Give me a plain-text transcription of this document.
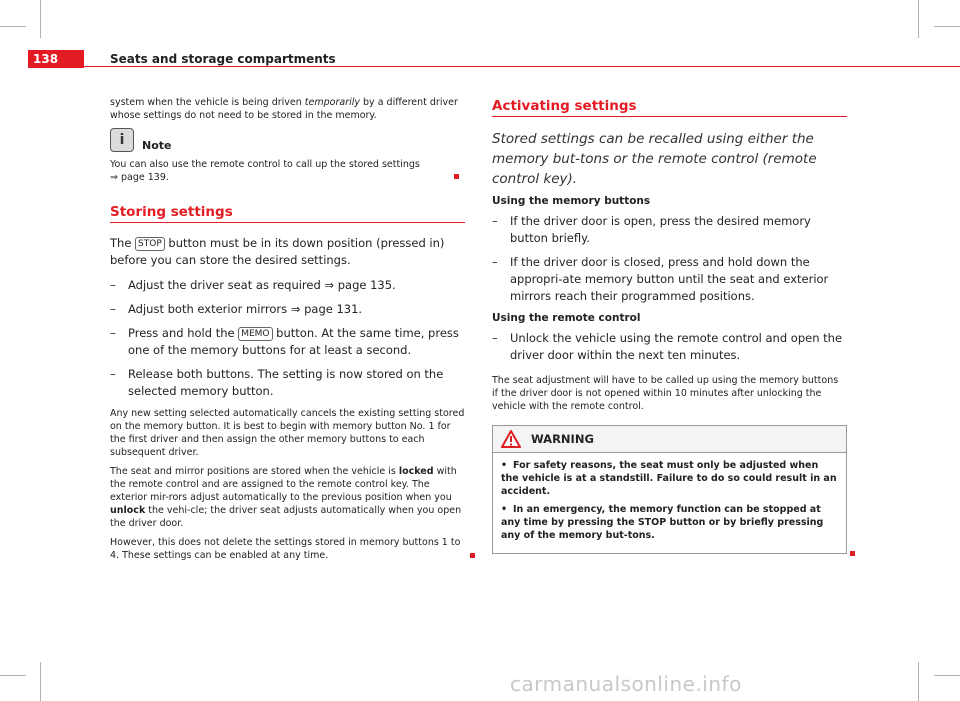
138	Seats and storage compartments

system when the vehicle is being driven temporarily by a different driver whose settings do not need to be stored in the memory.

i	Note

You can also use the remote control to call up the stored settings
⇒ page 139.

Storing settings

The STOP button must be in its down position (pressed in) before you can store the desired settings.

–	Adjust the driver seat as required ⇒ page 135.
–	Adjust both exterior mirrors ⇒ page 131.
–	Press and hold the MEMO button. At the same time, press one of the memory buttons for at least a second.
–	Release both buttons. The setting is now stored on the selected memory button.

Any new setting selected automatically cancels the existing setting stored on the memory button. It is best to begin with memory button No. 1 for the first driver and then assign the other memory buttons to each subsequent driver.

The seat and mirror positions are stored when the vehicle is locked with the remote control and are assigned to the remote control key. The exterior mir-rors adjust automatically to the previous position when you unlock the vehi-cle; the driver seat adjusts automatically when you open the driver door.

However, this does not delete the settings stored in memory buttons 1 to 4. These settings can be enabled at any time.

Activating settings

Stored settings can be recalled using either the memory but-tons or the remote control (remote control key).

Using the memory buttons
–	If the driver door is open, press the desired memory button briefly.
–	If the driver door is closed, press and hold down the appropri-ate memory button until the seat and exterior mirrors reach their programmed positions.
Using the remote control
–	Unlock the vehicle using the remote control and open the driver door within the next ten minutes.

The seat adjustment will have to be called up using the memory buttons if the driver door is not opened within 10 minutes after unlocking the vehicle with the remote control.

WARNING

• For safety reasons, the seat must only be adjusted when the vehicle is at a standstill. Failure to do so could result in an accident.

• In an emergency, the memory function can be stopped at any time by pressing the STOP button or by briefly pressing any of the memory but-tons.

carmanualsonline.info
